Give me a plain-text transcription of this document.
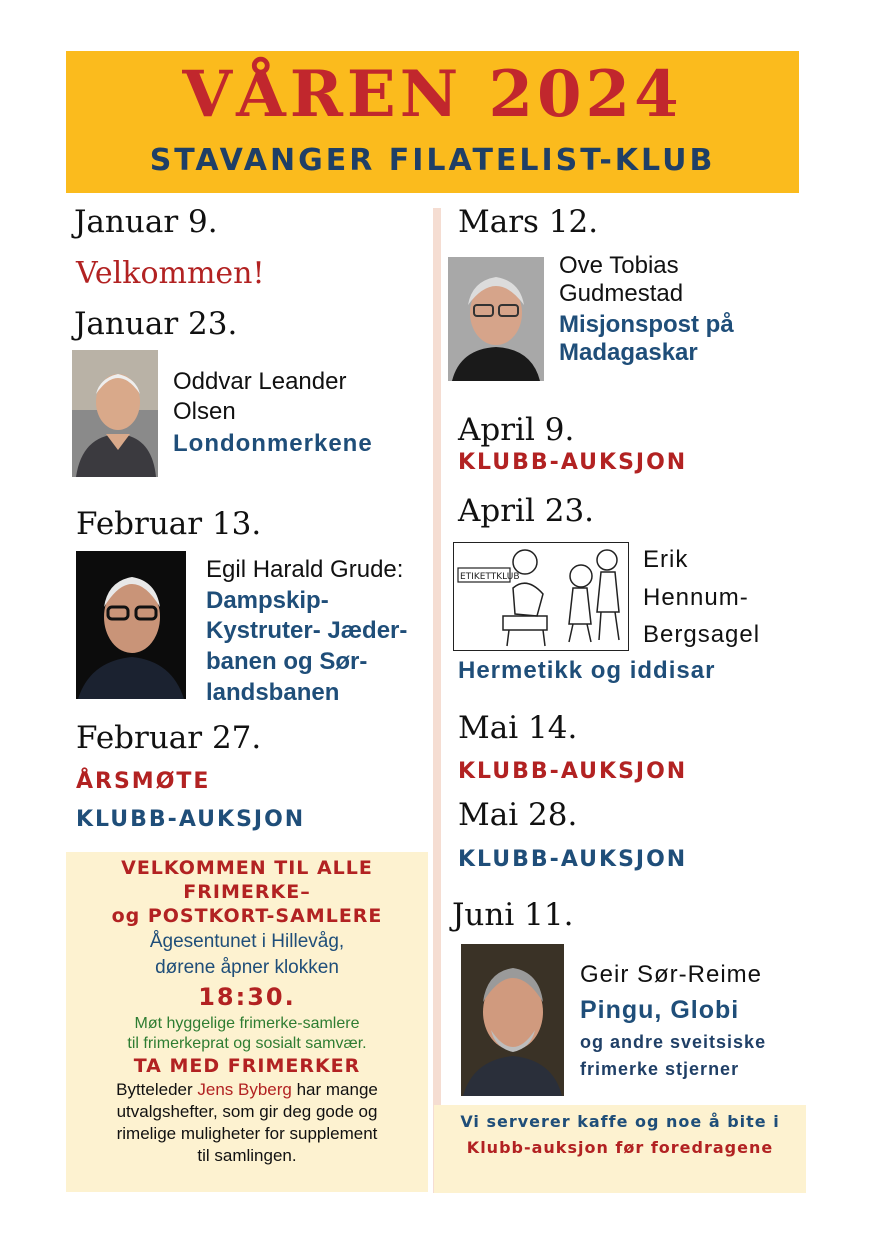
VÅREN 2024
STAVANGER FILATELIST-KLUB
Januar 9.
Velkommen!
Januar 23.
Oddvar Leander
Olsen
Londonmerkene
Februar 13.
Egil Harald Grude:
Dampskip-
Kystruter- Jæder-
banen og Sør-
landsbanen
Februar 27.
ÅRSMØTE
KLUBB-AUKSJON
VELKOMMEN TIL ALLE
FRIMERKE–
og POSTKORT-SAMLERE
Ågesentunet i Hillevåg,
dørene åpner klokken
18:30.
Møt hyggelige frimerke-samlere
til frimerkeprat og sosialt samvær.
TA MED FRIMERKER
Bytteleder Jens Byberg har mange
utvalgshefter, som gir deg gode og
rimelige muligheter for supplement
til samlingen.
Mars 12.
Ove Tobias
Gudmestad
Misjonspost på
Madagaskar
April 9.
KLUBB-AUKSJON
April 23.
ETIKETTKLUB
Erik
Hennum-
Bergsagel
Hermetikk og iddisar
Mai 14.
KLUBB-AUKSJON
Mai 28.
KLUBB-AUKSJON
Juni 11.
Geir Sør-Reime
Pingu, Globi
og andre sveitsiske
frimerke stjerner
Vi serverer kaffe og noe å bite i
Klubb-auksjon før foredragene
